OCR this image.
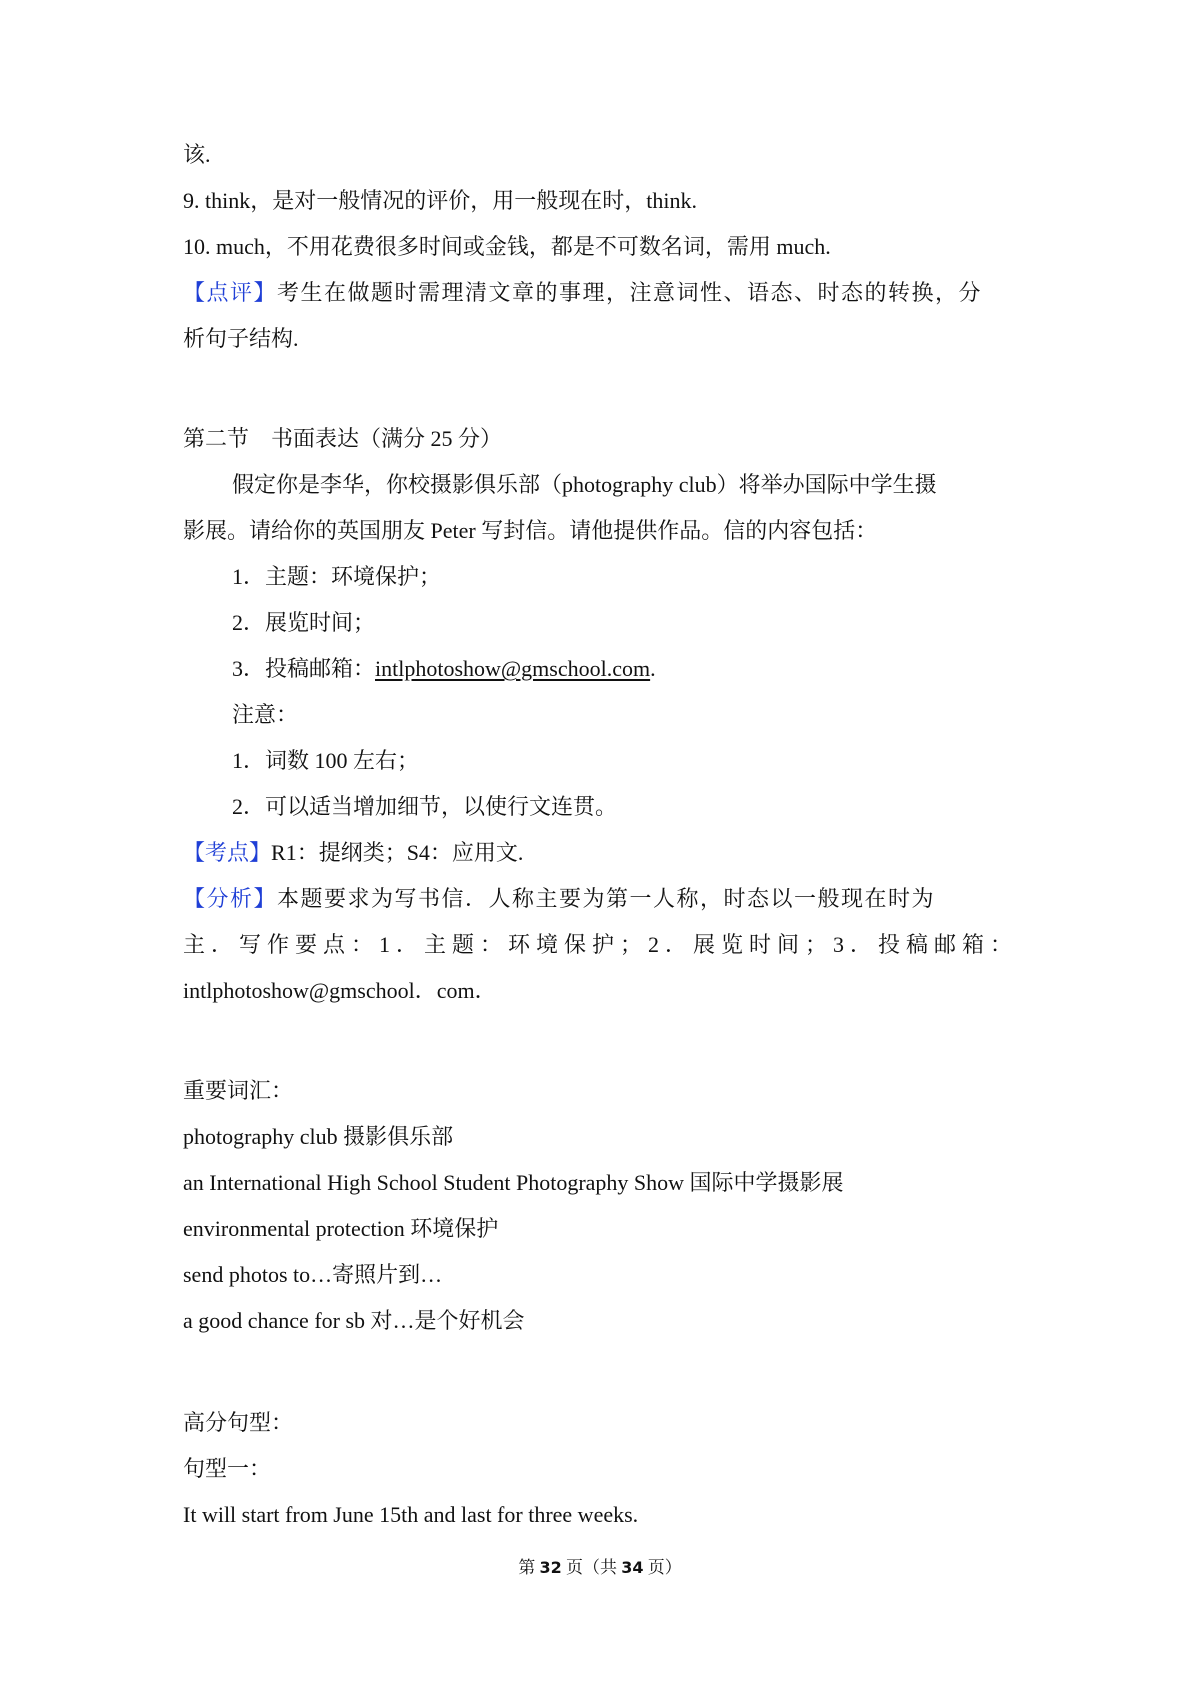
该.
9. think，是对一般情况的评价，用一般现在时，think.
10. much，不用花费很多时间或金钱，都是不可数名词，需用 much.
【点评】考生在做题时需理清文章的事理，注意词性、语态、时态的转换，分
析句子结构.
第二节　书面表达（满分 25 分）
假定你是李华，你校摄影俱乐部（photography club）将举办国际中学生摄
影展。请给你的英国朋友 Peter 写封信。请他提供作品。信的内容包括：
1．主题：环境保护；
2．展览时间；
3．投稿邮箱：intlphotoshow@gmschool.com.
注意：
1．词数 100 左右；
2．可以适当增加细节，以使行文连贯。
【考点】R1：提纲类；S4：应用文.
【分析】本题要求为写书信．人称主要为第一人称，时态以一般现在时为
主．写作要点：1．主题：环境保护；2．展览时间；3．投稿邮箱：
intlphotoshow@gmschool．com．
重要词汇：
photography club 摄影俱乐部
an International High School Student Photography Show 国际中学摄影展
environmental protection 环境保护
send photos to…寄照片到…
a good chance for sb 对…是个好机会
高分句型：
句型一：
It will start from June 15th and last for three weeks.
第 32 页（共 34 页）
